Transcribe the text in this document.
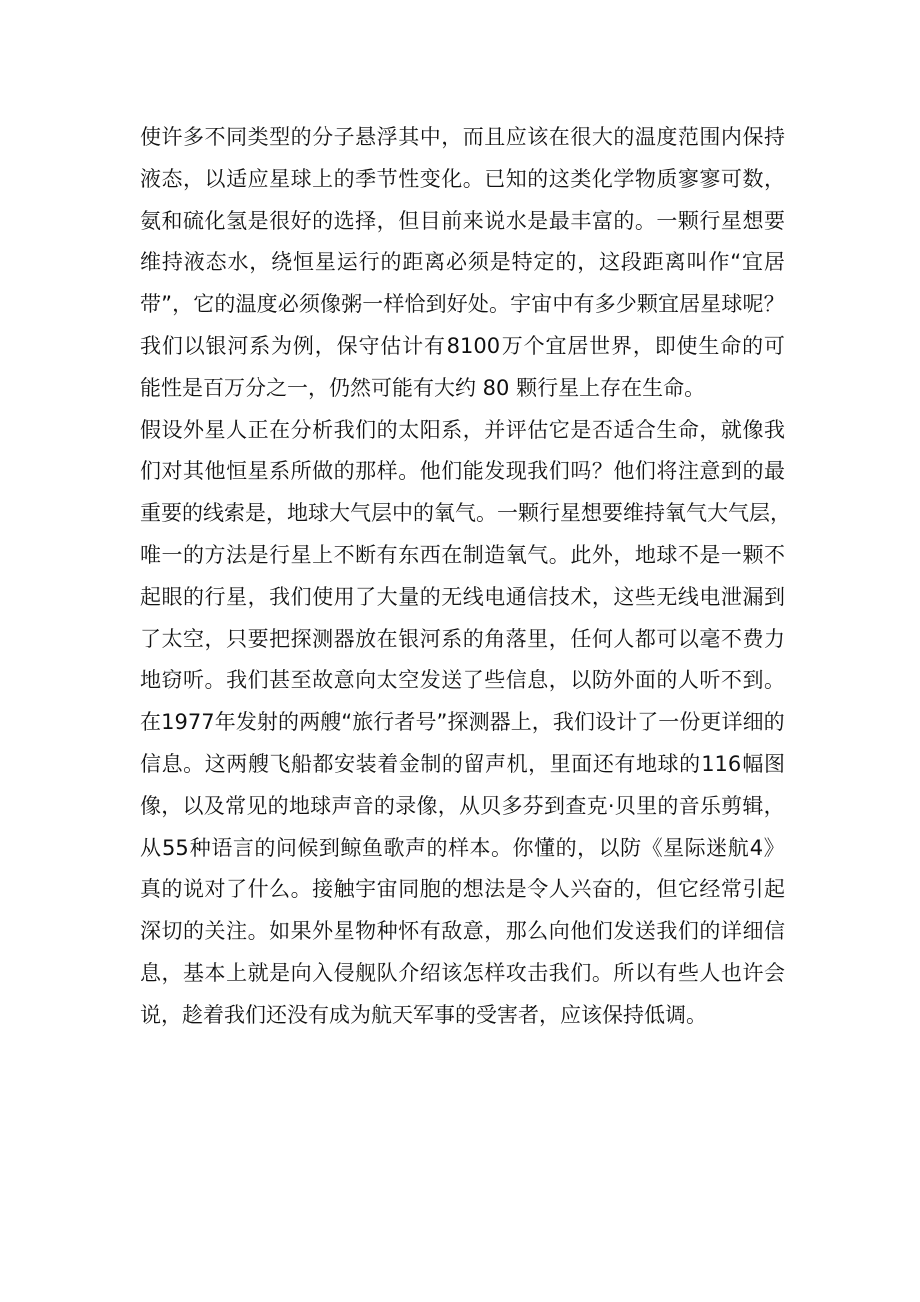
使 许 多 不 同 类 型 的 分 子 悬 浮 其 中 ， 而 且 应 该 在 很 大 的 温 度 范 围 内 保 持
液 态 ， 以 适 应 星 球 上 的 季 节 性 变 化 。 已 知 的 这 类 化 学 物 质 寥 寥 可 数 ，
氨 和 硫 化 氢 是 很 好 的 选 择 ， 但 目 前 来 说 水 是 最 丰 富 的 。 一 颗 行 星 想 要
维 持 液 态 水 ， 绕 恒 星 运 行 的 距 离 必 须 是 特 定 的 ， 这 段 距 离 叫 作 “ 宜 居
带 ” ， 它 的 温 度 必 须 像 粥 一 样 恰 到 好 处 。 宇 宙 中 有 多 少 颗 宜 居 星 球 呢 ？
我 们 以 银 河 系 为 例 ， 保 守 估 计 有 8100 万 个 宜 居 世 界 ， 即 使 生 命 的 可
能性是百万分之一，仍然可能有大约 80 颗行星上存在生命。
假 设 外 星 人 正 在 分 析 我 们 的 太 阳 系 ， 并 评 估 它 是 否 适 合 生 命 ， 就 像 我
们 对 其 他 恒 星 系 所 做 的 那 样 。 他 们 能 发 现 我 们 吗 ？ 他 们 将 注 意 到 的 最
重 要 的 线 索 是 ， 地 球 大 气 层 中 的 氧 气 。 一 颗 行 星 想 要 维 持 氧 气 大 气 层 ，
唯 一 的 方 法 是 行 星 上 不 断 有 东 西 在 制 造 氧 气 。 此 外 ， 地 球 不 是 一 颗 不
起 眼 的 行 星 ， 我 们 使 用 了 大 量 的 无 线 电 通 信 技 术 ， 这 些 无 线 电 泄 漏 到
了 太 空 ， 只 要 把 探 测 器 放 在 银 河 系 的 角 落 里 ， 任 何 人 都 可 以 毫 不 费 力
地 窃 听 。 我 们 甚 至 故 意 向 太 空 发 送 了 些 信 息 ， 以 防 外 面 的 人 听 不 到 。
在 1977 年 发 射 的 两 艘 “ 旅 行 者 号 ” 探 测 器 上 ， 我 们 设 计 了 一 份 更 详 细 的
信 息 。 这 两 艘 飞 船 都 安 装 着 金 制 的 留 声 机 ， 里 面 还 有 地 球 的 116 幅 图
像 ， 以 及 常 见 的 地 球 声 音 的 录 像 ， 从 贝 多 芬 到 查 克 · 贝 里 的 音 乐 剪 辑 ，
从 55 种 语 言 的 问 候 到 鲸 鱼 歌 声 的 样 本 。 你 懂 的 ， 以 防 《 星 际 迷 航 4 》
真 的 说 对 了 什 么 。 接 触 宇 宙 同 胞 的 想 法 是 令 人 兴 奋 的 ， 但 它 经 常 引 起
深 切 的 关 注 。 如 果 外 星 物 种 怀 有 敌 意 ， 那 么 向 他 们 发 送 我 们 的 详 细 信
息 ， 基 本 上 就 是 向 入 侵 舰 队 介 绍 该 怎 样 攻 击 我 们 。 所 以 有 些 人 也 许 会
说，趁着我们还没有成为航天军事的受害者，应该保持低调。
